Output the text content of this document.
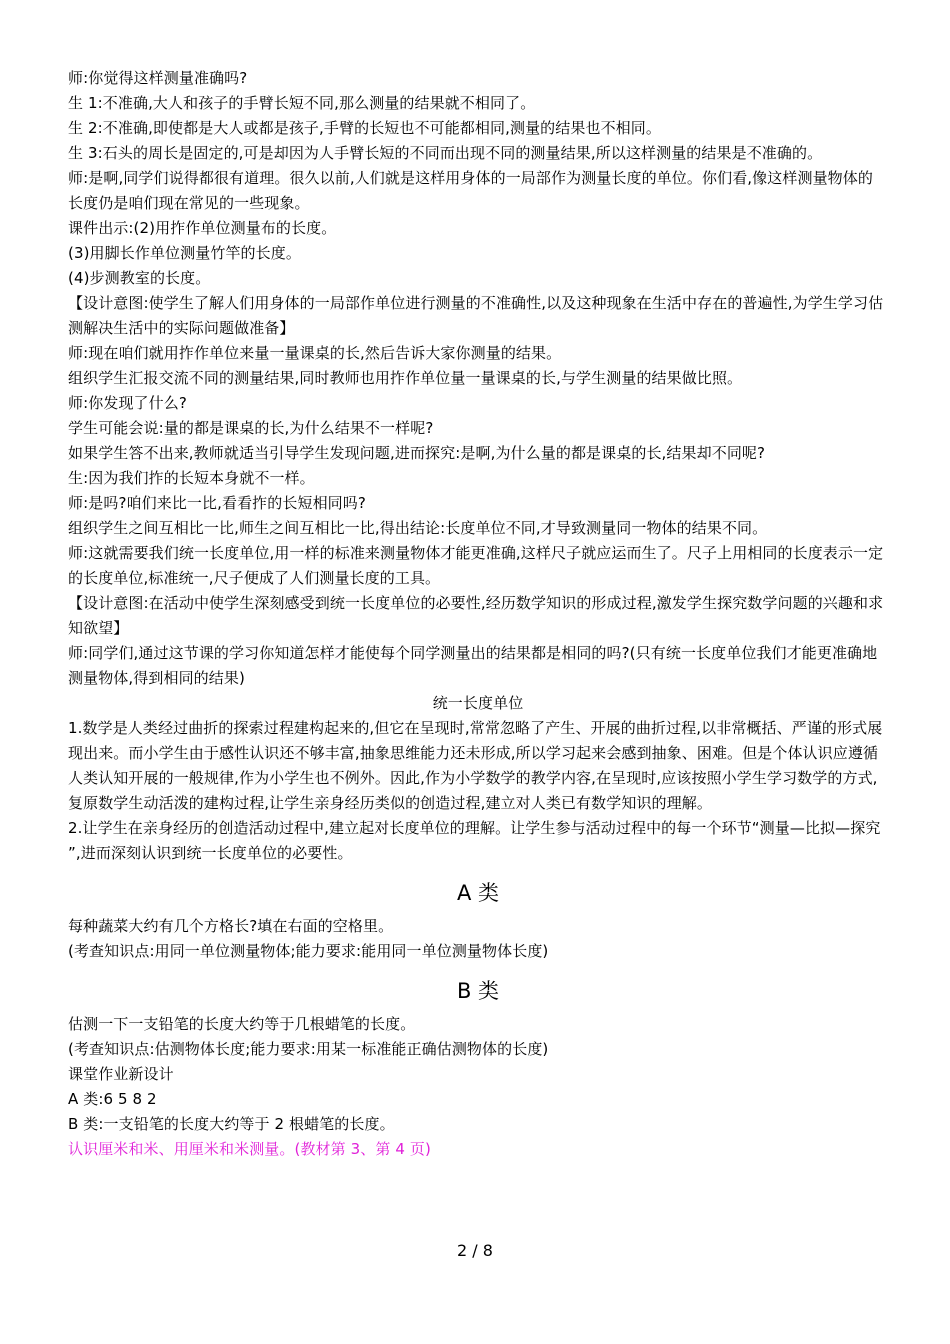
师:你觉得这样测量准确吗?

生 1:不准确,大人和孩子的手臂长短不同,那么测量的结果就不相同了。

生 2:不准确,即使都是大人或都是孩子,手臂的长短也不可能都相同,测量的结果也不相同。

生 3:石头的周长是固定的,可是却因为人手臂长短的不同而出现不同的测量结果,所以这样测量的结果是不准确的。

师:是啊,同学们说得都很有道理。很久以前,人们就是这样用身体的一局部作为测量长度的单位。你们看,像这样测量物体的长度仍是咱们现在常见的一些现象。

课件出示:(2)用拃作单位测量布的长度。

(3)用脚长作单位测量竹竿的长度。

(4)步测教室的长度。

【设计意图:使学生了解人们用身体的一局部作单位进行测量的不准确性,以及这种现象在生活中存在的普遍性,为学生学习估测解决生活中的实际问题做准备】

师:现在咱们就用拃作单位来量一量课桌的长,然后告诉大家你测量的结果。

组织学生汇报交流不同的测量结果,同时教师也用拃作单位量一量课桌的长,与学生测量的结果做比照。

师:你发现了什么?

学生可能会说:量的都是课桌的长,为什么结果不一样呢?

如果学生答不出来,教师就适当引导学生发现问题,进而探究:是啊,为什么量的都是课桌的长,结果却不同呢?

生:因为我们拃的长短本身就不一样。

师:是吗?咱们来比一比,看看拃的长短相同吗?

组织学生之间互相比一比,师生之间互相比一比,得出结论:长度单位不同,才导致测量同一物体的结果不同。

师:这就需要我们统一长度单位,用一样的标准来测量物体才能更准确,这样尺子就应运而生了。尺子上用相同的长度表示一定的长度单位,标准统一,尺子便成了人们测量长度的工具。

【设计意图:在活动中使学生深刻感受到统一长度单位的必要性,经历数学知识的形成过程,激发学生探究数学问题的兴趣和求知欲望】

师:同学们,通过这节课的学习你知道怎样才能使每个同学测量出的结果都是相同的吗?(只有统一长度单位我们才能更准确地测量物体,得到相同的结果)

统一长度单位

1.数学是人类经过曲折的探索过程建构起来的,但它在呈现时,常常忽略了产生、开展的曲折过程,以非常概括、严谨的形式展现出来。而小学生由于感性认识还不够丰富,抽象思维能力还未形成,所以学习起来会感到抽象、困难。但是个体认识应遵循人类认知开展的一般规律,作为小学生也不例外。因此,作为小学数学的教学内容,在呈现时,应该按照小学生学习数学的方式,复原数学生动活泼的建构过程,让学生亲身经历类似的创造过程,建立对人类已有数学知识的理解。

2.让学生在亲身经历的创造活动过程中,建立起对长度单位的理解。让学生参与活动过程中的每一个环节“测量—比拟—探究 ”,进而深刻认识到统一长度单位的必要性。

A 类

每种蔬菜大约有几个方格长?填在右面的空格里。

(考查知识点:用同一单位测量物体;能力要求:能用同一单位测量物体长度)

B 类

估测一下一支铅笔的长度大约等于几根蜡笔的长度。

(考查知识点:估测物体长度;能力要求:用某一标准能正确估测物体的长度)

课堂作业新设计

A 类:6 5 8 2

B 类:一支铅笔的长度大约等于 2 根蜡笔的长度。

认识厘米和米、用厘米和米测量。(教材第 3、第 4 页)

2 / 8
